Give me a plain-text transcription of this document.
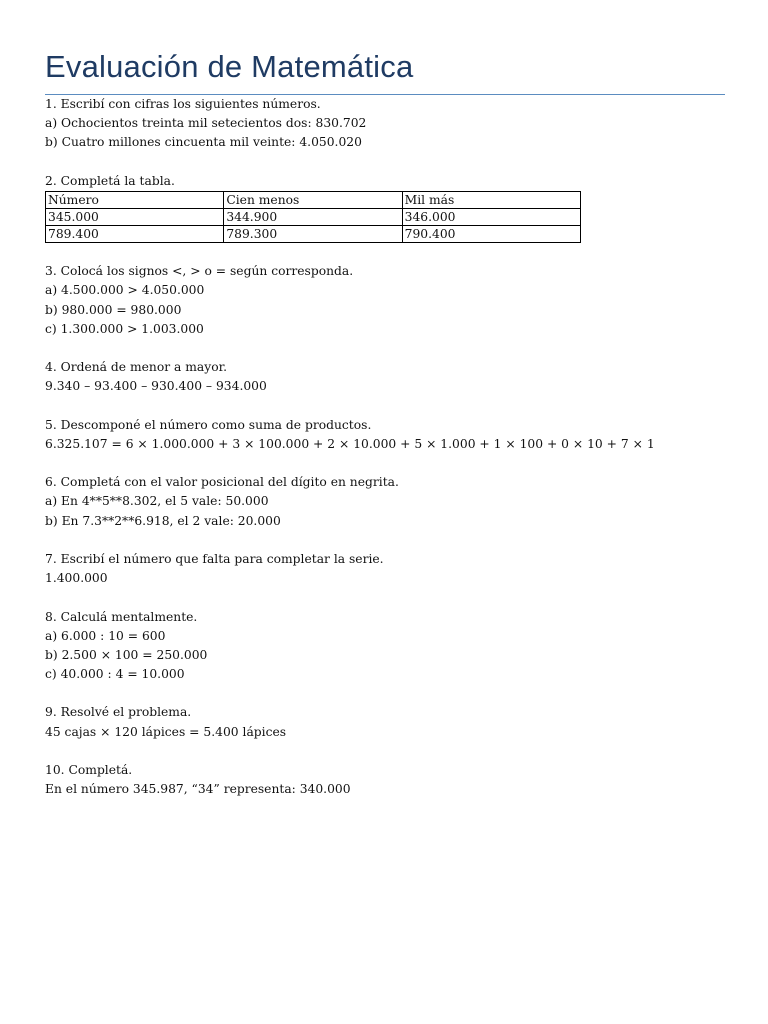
Evaluación de Matemática
1. Escribí con cifras los siguientes números.
a) Ochocientos treinta mil setecientos dos: 830.702
b) Cuatro millones cincuenta mil veinte: 4.050.020
2. Completá la tabla.
Número	Cien menos	Mil más
345.000	344.900	346.000
789.400	789.300	790.400
3. Colocá los signos <, > o = según corresponda.
a) 4.500.000 > 4.050.000
b) 980.000 = 980.000
c) 1.300.000 > 1.003.000
4. Ordená de menor a mayor.
9.340 – 93.400 – 930.400 – 934.000
5. Descomponé el número como suma de productos.
6.325.107 = 6 × 1.000.000 + 3 × 100.000 + 2 × 10.000 + 5 × 1.000 + 1 × 100 + 0 × 10 + 7 × 1
6. Completá con el valor posicional del dígito en negrita.
a) En 4**5**8.302, el 5 vale: 50.000
b) En 7.3**2**6.918, el 2 vale: 20.000
7. Escribí el número que falta para completar la serie.
1.400.000
8. Calculá mentalmente.
a) 6.000 : 10 = 600
b) 2.500 × 100 = 250.000
c) 40.000 : 4 = 10.000
9. Resolvé el problema.
45 cajas × 120 lápices = 5.400 lápices
10. Completá.
En el número 345.987, “34” representa: 340.000
